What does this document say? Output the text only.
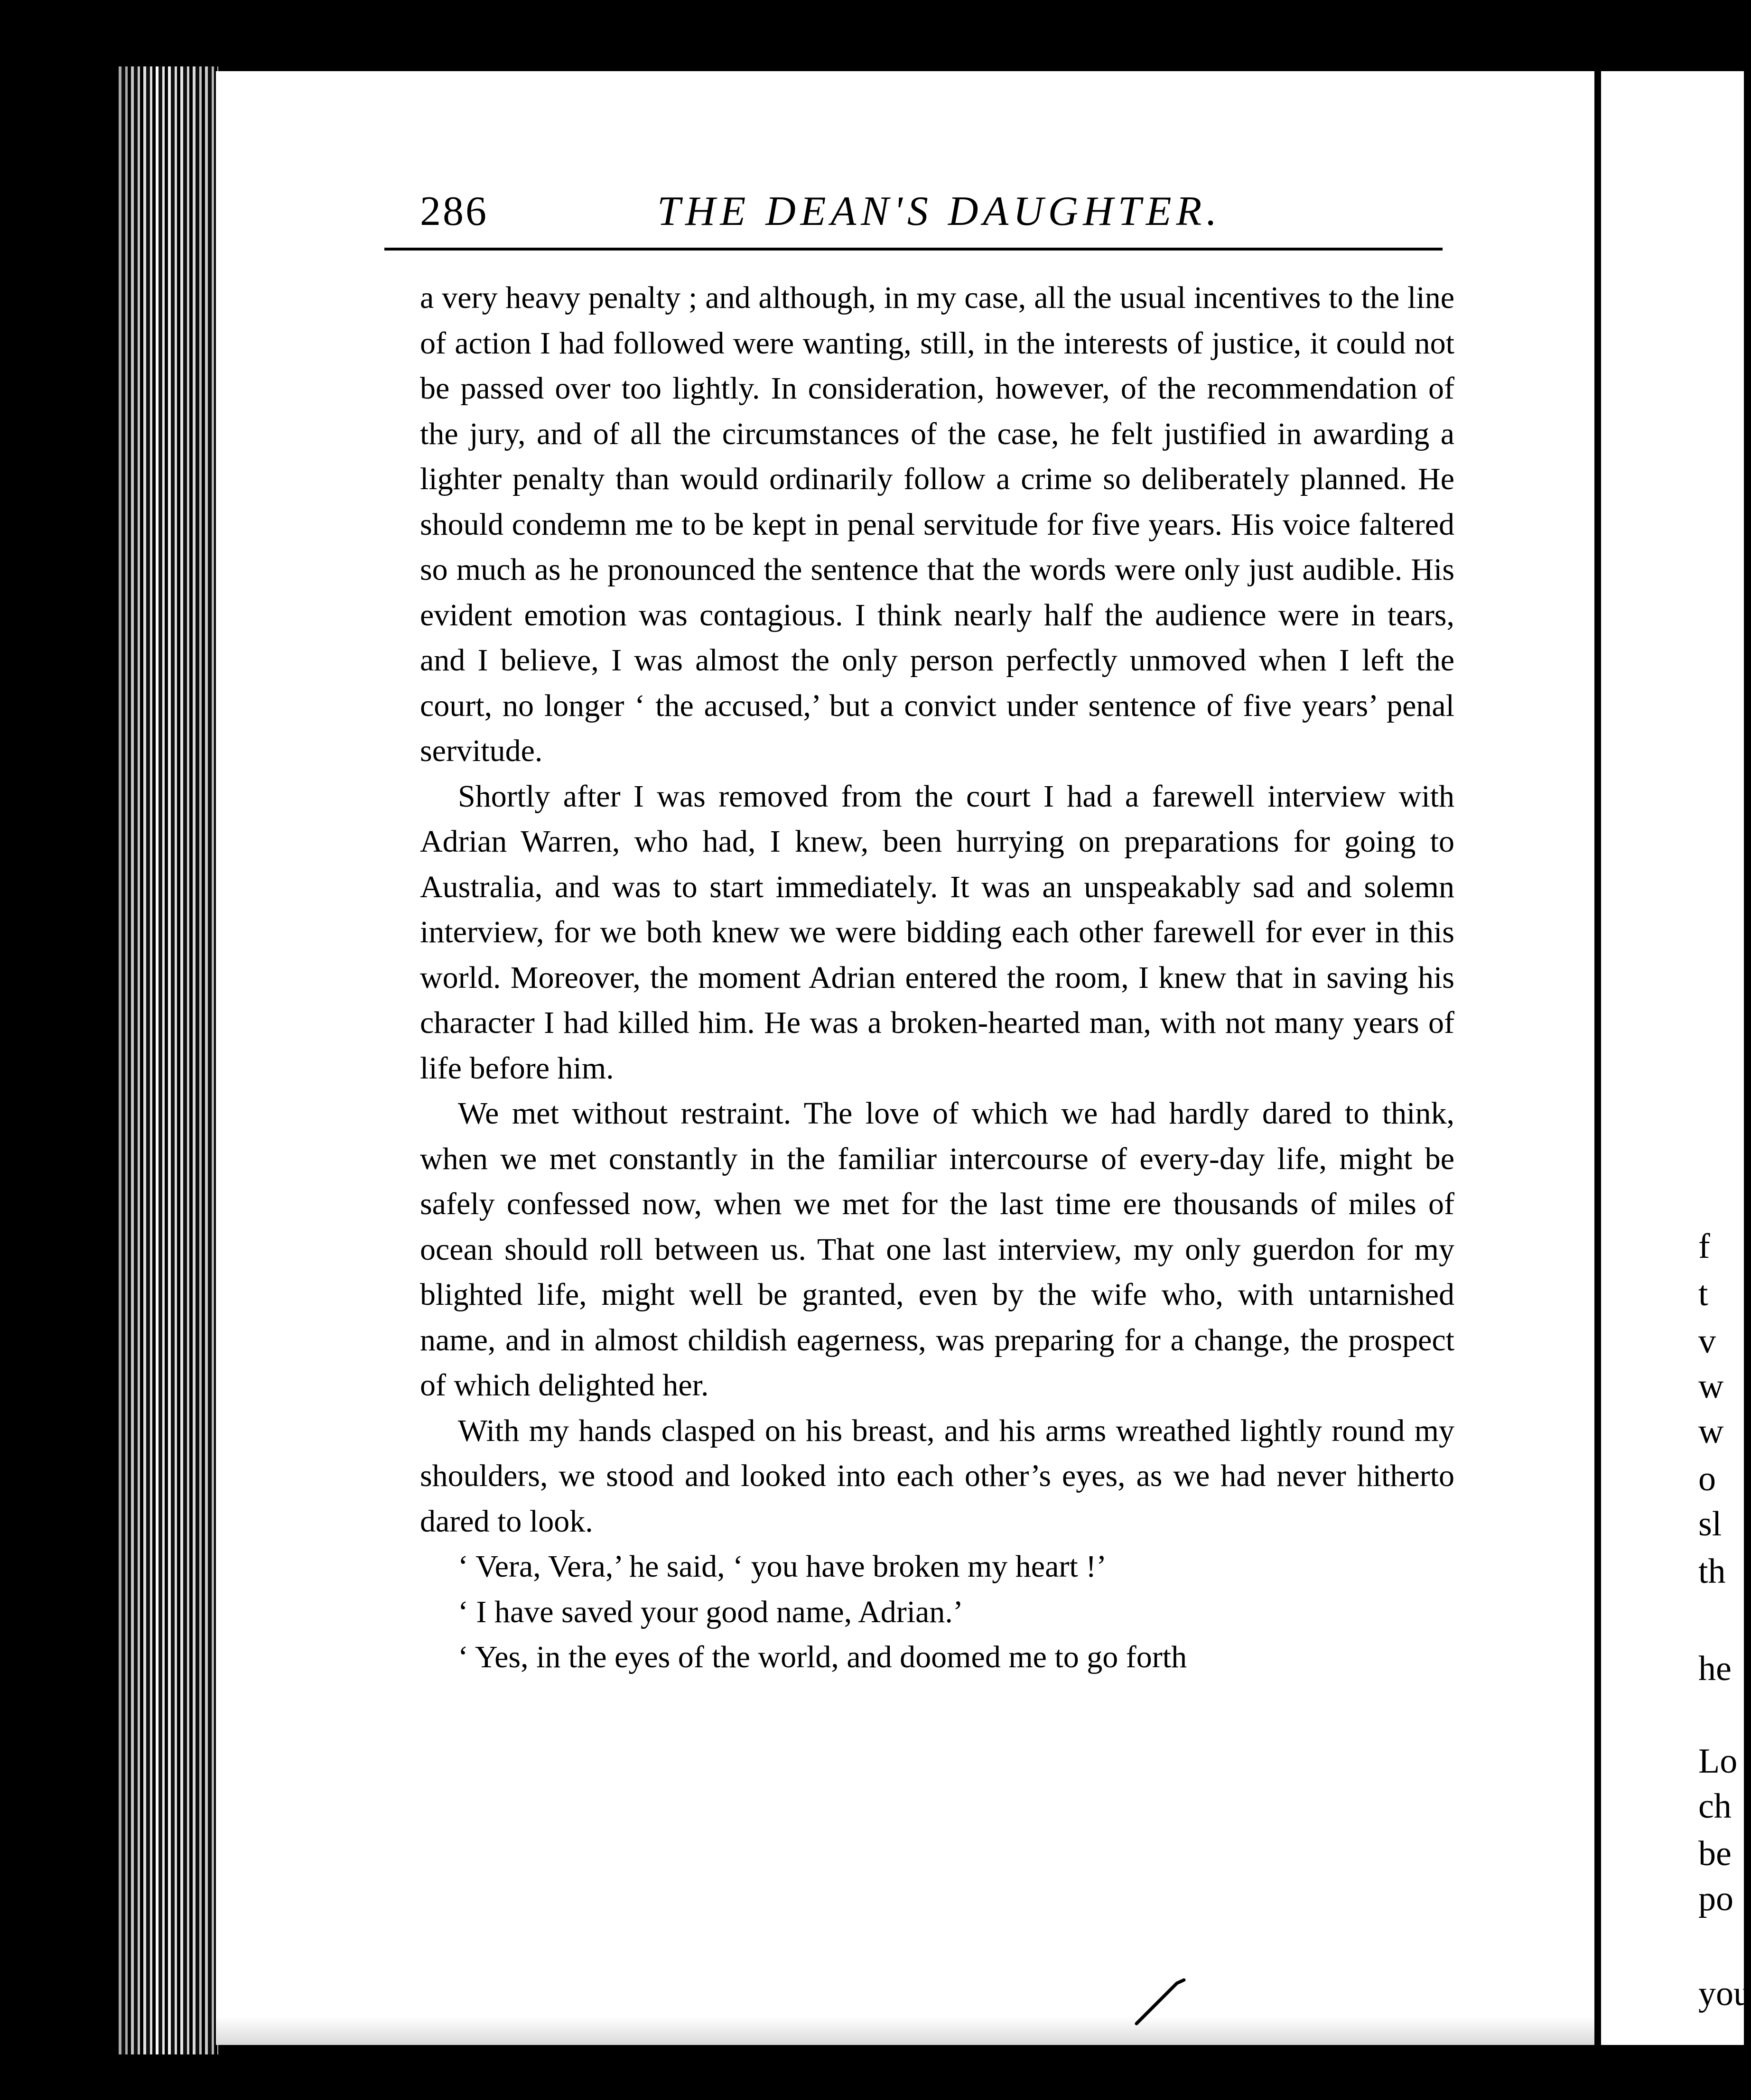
f
t
v
w
w
o
sl
th
he
Lo
ch
be
po
you
286	THE DEAN'S DAUGHTER.

a very heavy penalty ; and although, in my case, all the usual incentives to the line of action I had followed were wanting, still, in the interests of justice, it could not be passed over too lightly. In consideration, however, of the recommendation of the jury, and of all the circumstances of the case, he felt justified in awarding a lighter penalty than would ordinarily follow a crime so deliberately planned. He should condemn me to be kept in penal servitude for five years. His voice faltered so much as he pronounced the sentence that the words were only just audible. His evident emotion was contagious. I think nearly half the audience were in tears, and I believe, I was almost the only person perfectly unmoved when I left the court, no longer ‘ the accused,’ but a convict under sentence of five years’ penal servitude.

Shortly after I was removed from the court I had a farewell interview with Adrian Warren, who had, I knew, been hurrying on preparations for going to Australia, and was to start immediately. It was an unspeakably sad and solemn interview, for we both knew we were bidding each other farewell for ever in this world. Moreover, the moment Adrian entered the room, I knew that in saving his character I had killed him. He was a broken-hearted man, with not many years of life before him.

We met without restraint. The love of which we had hardly dared to think, when we met constantly in the familiar intercourse of every-day life, might be safely confessed now, when we met for the last time ere thousands of miles of ocean should roll between us. That one last interview, my only guerdon for my blighted life, might well be granted, even by the wife who, with untarnished name, and in almost childish eagerness, was preparing for a change, the prospect of which delighted her.

With my hands clasped on his breast, and his arms wreathed lightly round my shoulders, we stood and looked into each other’s eyes, as we had never hitherto dared to look.

‘ Vera, Vera,’ he said, ‘ you have broken my heart !’

‘ I have saved your good name, Adrian.’

‘ Yes, in the eyes of the world, and doomed me to go forth
